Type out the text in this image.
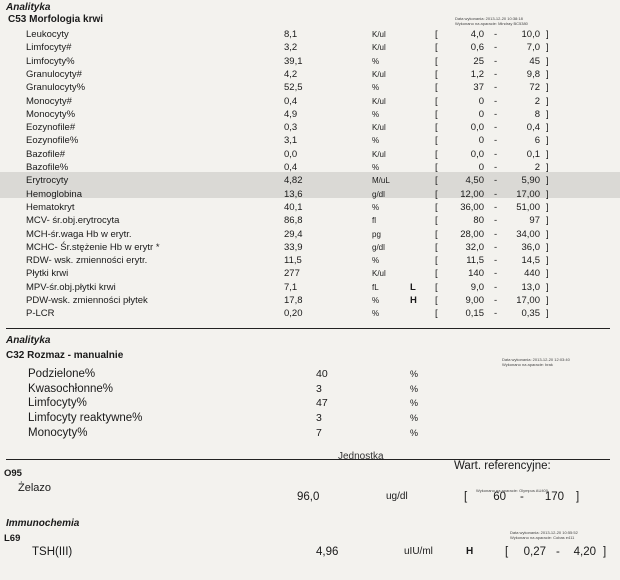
Analityka
C53 Morfologia krwi	Data wykonania: 2013-12-20 10:38:18
Wykonano na aparacie: Mindray BC5380
Leukocyty	8,1	K/ul	[	4,0 -	10,0 ]
Limfocyty#	3,2	K/ul	[	0,6 -	7,0 ]
Limfocyty%	39,1	%	[	25 -	45 ]
Granulocyty#	4,2	K/ul	[	1,2 -	9,8 ]
Granulocyty%	52,5	%	[	37 -	72 ]
Monocyty#	0,4	K/ul	[	0 -	2 ]
Monocyty%	4,9	%	[	0 -	8 ]
Eozynofile#	0,3	K/ul	[	0,0 -	0,4 ]
Eozynofile%	3,1	%	[	0 -	6 ]
Bazofile#	0,0	K/ul	[	0,0 -	0,1 ]
Bazofile%	0,4	%	[	0 -	2 ]
Erytrocyty	4,82	M/uL	[	4,50 -	5,90 ]
Hemoglobina	13,6	g/dl	[	12,00 -	17,00 ]
Hematokryt	40,1	%	[	36,00 -	51,00 ]
MCV- śr.obj.erytrocyta	86,8	fl	[	80 -	97 ]
MCH-śr.waga Hb w erytr.	29,4	pg	[	28,00 -	34,00 ]
MCHC- Śr.stężenie Hb w erytr *	33,9	g/dl	[	32,0 -	36,0 ]
RDW- wsk. zmienności erytr.	11,5	%	[	11,5 -	14,5 ]
Płytki krwi	277	K/ul	[	140 -	440 ]
MPV-śr.obj.płytki krwi	7,1	fL	L [	9,0 -	13,0 ]
PDW-wsk. zmienności płytek	17,8	%	H [	9,00 -	17,00 ]
P-LCR	0,20	%	[	0,15 -	0,35 ]
Analityka
C32 Rozmaz - manualnie	Data wykonania: 2013-12-20 12:03:40
Wykonano na aparacie: brak
Podzielone%	40	%
Kwasochłonne%	3	%
Limfocyty%	47	%
Limfocyty reaktywne%	3	%
Monocyty%	7	%
Jednostka
Wart. referencyjne:
O95
Żelazo	Wykonano na aparacie: Olympus AU400
96,0	ug/dl	[	60 -	170 ]
Immunochemia
L69
Data wykonania: 2013-12-20 10:55:52
Wykonano na aparacie: Cobas e411
TSH(III)	4,96	uIU/ml	H	[	0,27 -	4,20 ]
